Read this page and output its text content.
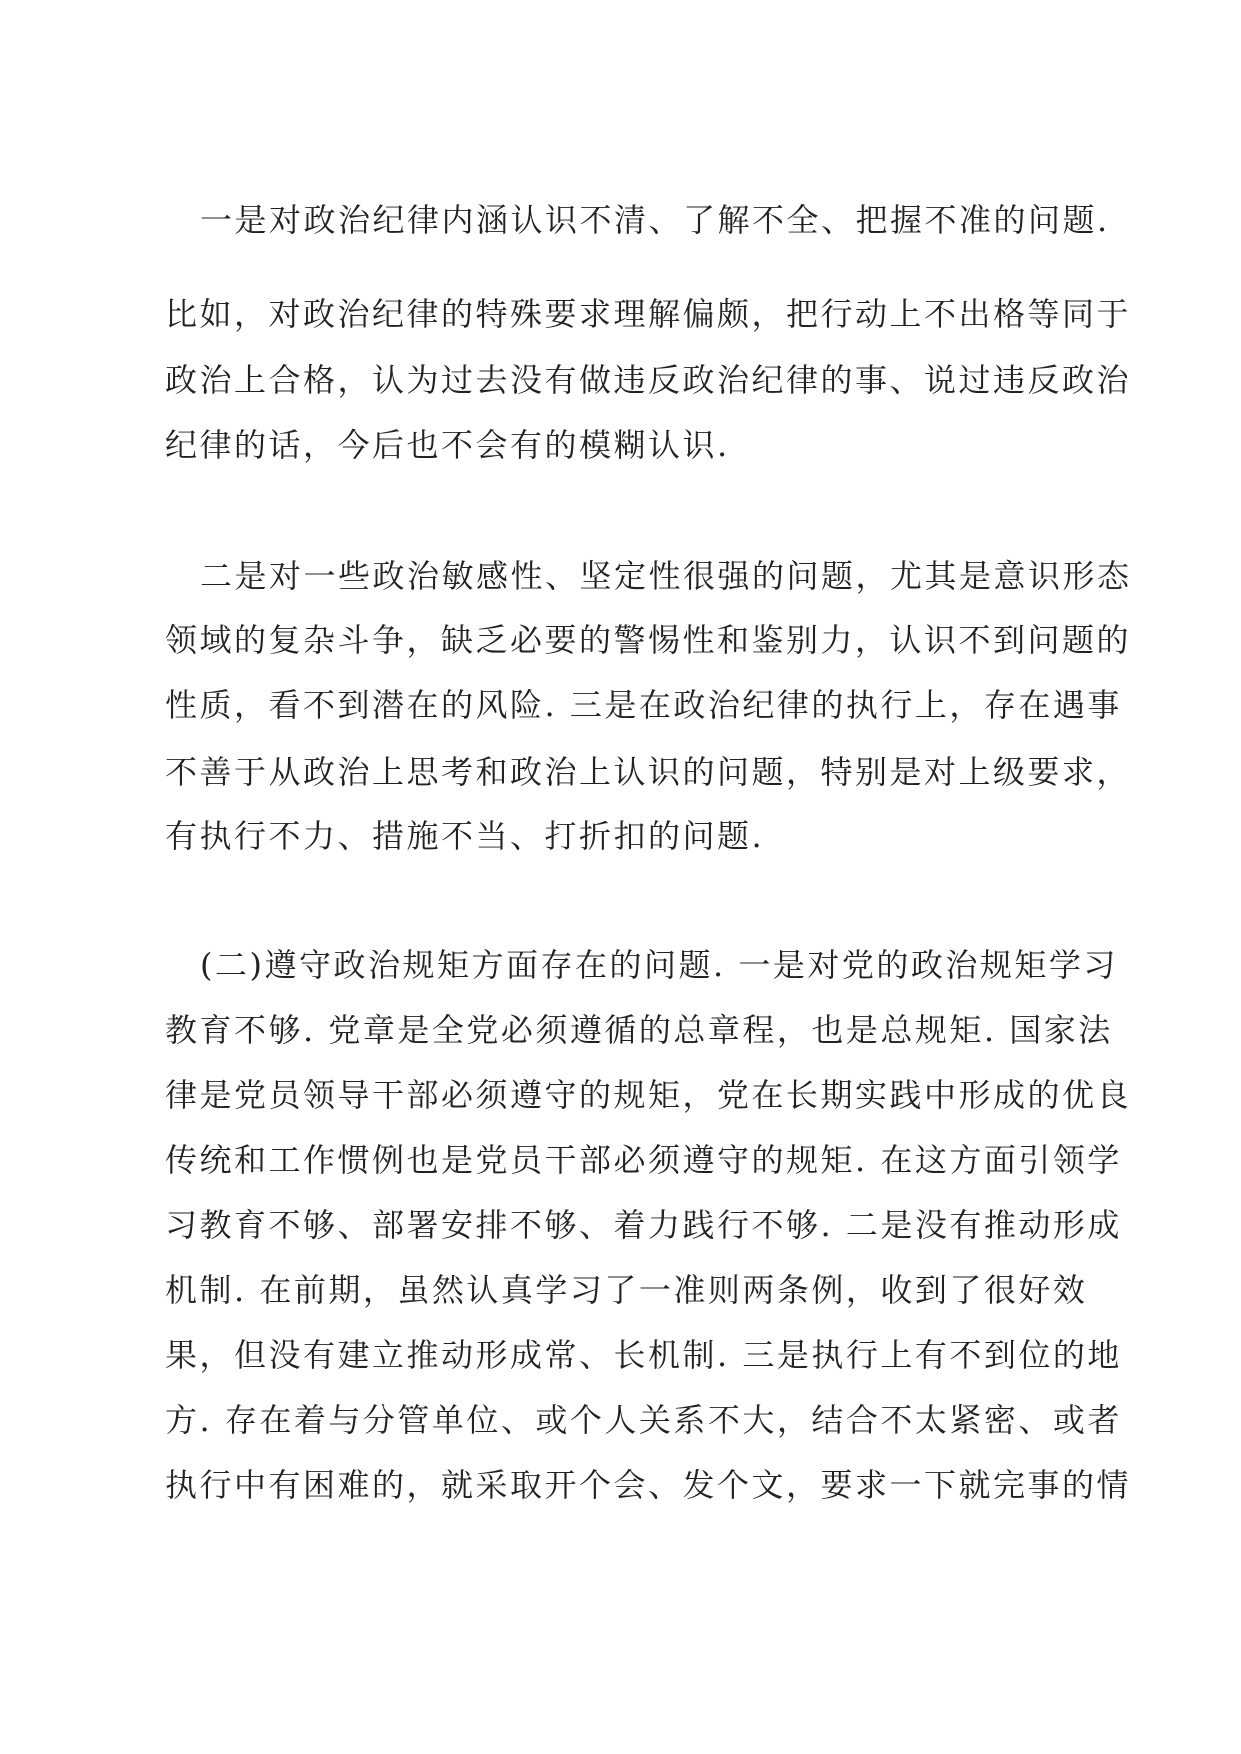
一是对政治纪律内涵认识不清、了解不全、把握不准的问题.
比如，对政治纪律的特殊要求理解偏颇，把行动上不出格等同于
政治上合格，认为过去没有做违反政治纪律的事、说过违反政治
纪律的话，今后也不会有的模糊认识.
二是对一些政治敏感性、坚定性很强的问题，尤其是意识形态
领域的复杂斗争，缺乏必要的警惕性和鉴别力，认识不到问题的
性质，看不到潜在的风险. 三是在政治纪律的执行上，存在遇事
不善于从政治上思考和政治上认识的问题，特别是对上级要求，
有执行不力、措施不当、打折扣的问题.
(二)遵守政治规矩方面存在的问题. 一是对党的政治规矩学习
教育不够. 党章是全党必须遵循的总章程，也是总规矩. 国家法
律是党员领导干部必须遵守的规矩，党在长期实践中形成的优良
传统和工作惯例也是党员干部必须遵守的规矩. 在这方面引领学
习教育不够、部署安排不够、着力践行不够. 二是没有推动形成
机制. 在前期，虽然认真学习了一准则两条例，收到了很好效
果，但没有建立推动形成常、长机制. 三是执行上有不到位的地
方. 存在着与分管单位、或个人关系不大，结合不太紧密、或者
执行中有困难的，就采取开个会、发个文，要求一下就完事的情
